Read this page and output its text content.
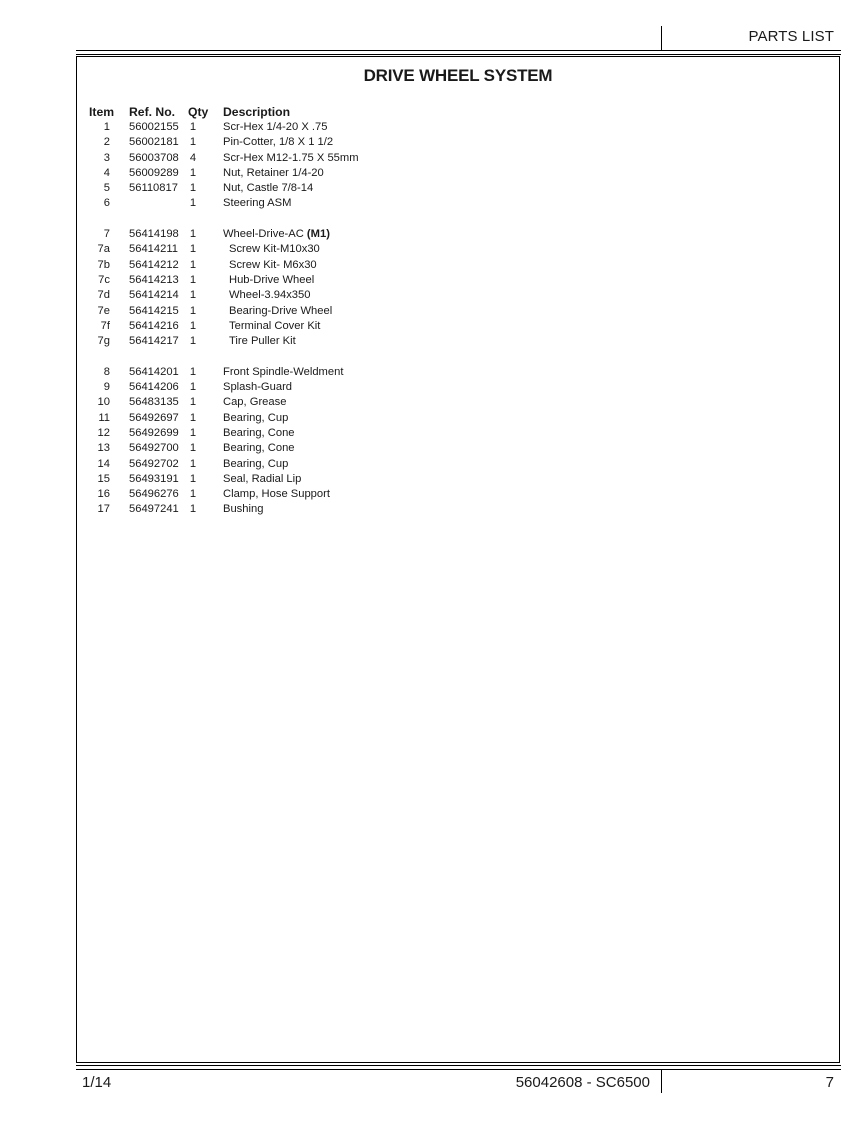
PARTS LIST
DRIVE WHEEL SYSTEM
Item Ref. No. Qty Description
1 56002155 1	Scr-Hex 1/4-20 X .75
2 56002181 1	Pin-Cotter, 1/8 X 1 1/2
3 56003708 4	Scr-Hex M12-1.75 X 55mm
4 56009289 1	Nut, Retainer 1/4-20
5 56110817	1	Nut, Castle 7/8-14
6	1	Steering ASM
7 56414198 1	Wheel-Drive-AC (M1)
7a 56414211	1	Screw Kit-M10x30
7b 56414212 1	Screw Kit- M6x30
7c 56414213 1	Hub-Drive Wheel
7d 56414214 1	Wheel-3.94x350
7e 56414215 1	Bearing-Drive Wheel
7f 56414216 1	Terminal Cover Kit
7g 56414217 1	Tire Puller Kit
8 56414201 1	Front Spindle-Weldment
9 56414206 1	Splash-Guard
10 56483135 1	Cap, Grease
11 56492697 1	Bearing, Cup
12 56492699 1	Bearing, Cone
13 56492700 1	Bearing, Cone
14 56492702 1	Bearing, Cup
15 56493191 1	Seal, Radial Lip
16 56496276 1	Clamp, Hose Support
17 56497241 1	Bushing
1/14	56042608 - SC6500	7
